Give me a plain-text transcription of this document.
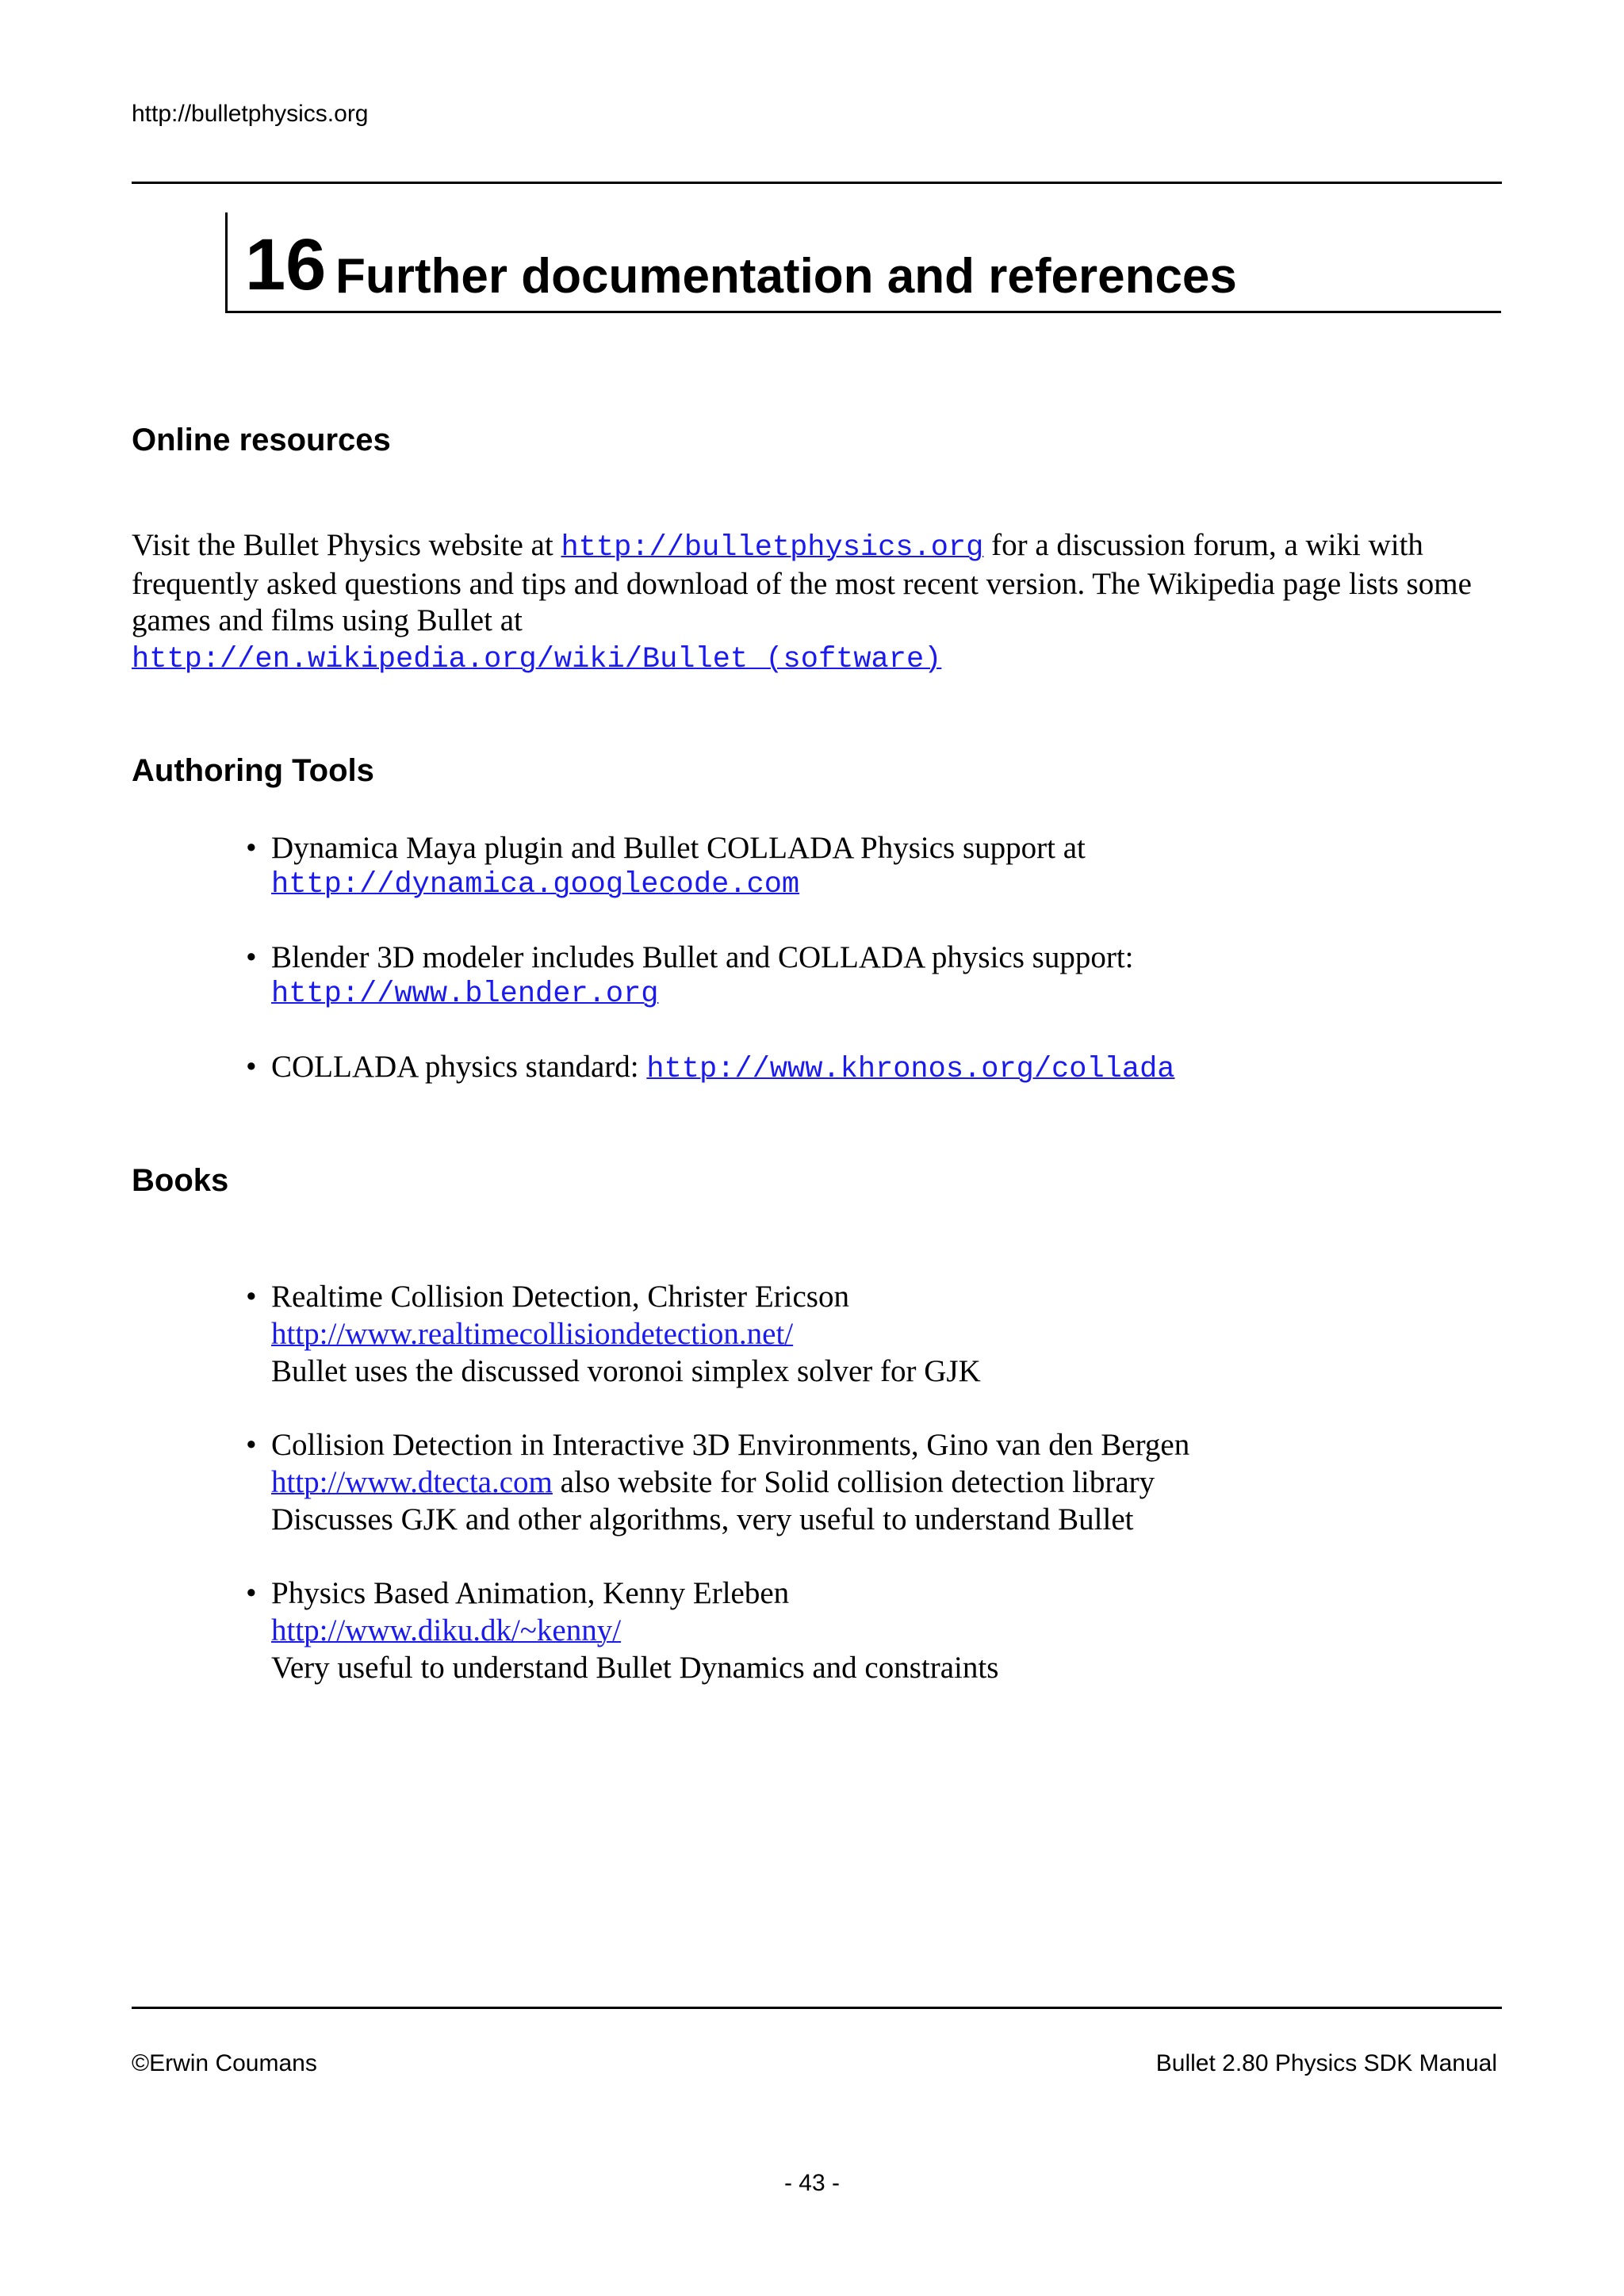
http://bulletphysics.org
16 Further documentation and references
Online resources
Visit the Bullet Physics website at http://bulletphysics.org for a discussion forum, a wiki with frequently asked questions and tips and download of the most recent version. The Wikipedia page lists some games and films using Bullet at
http://en.wikipedia.org/wiki/Bullet (software)
Authoring Tools
• Dynamica Maya plugin and Bullet COLLADA Physics support at
http://dynamica.googlecode.com
• Blender 3D modeler includes Bullet and COLLADA physics support:
http://www.blender.org
• COLLADA physics standard: http://www.khronos.org/collada
Books
• Realtime Collision Detection, Christer Ericson
http://www.realtimecollisiondetection.net/
Bullet uses the discussed voronoi simplex solver for GJK
• Collision Detection in Interactive 3D Environments, Gino van den Bergen
http://www.dtecta.com also website for Solid collision detection library
Discusses GJK and other algorithms, very useful to understand Bullet
• Physics Based Animation, Kenny Erleben
http://www.diku.dk/~kenny/
Very useful to understand Bullet Dynamics and constraints
©Erwin Coumans	Bullet 2.80 Physics SDK Manual
- 43 -
